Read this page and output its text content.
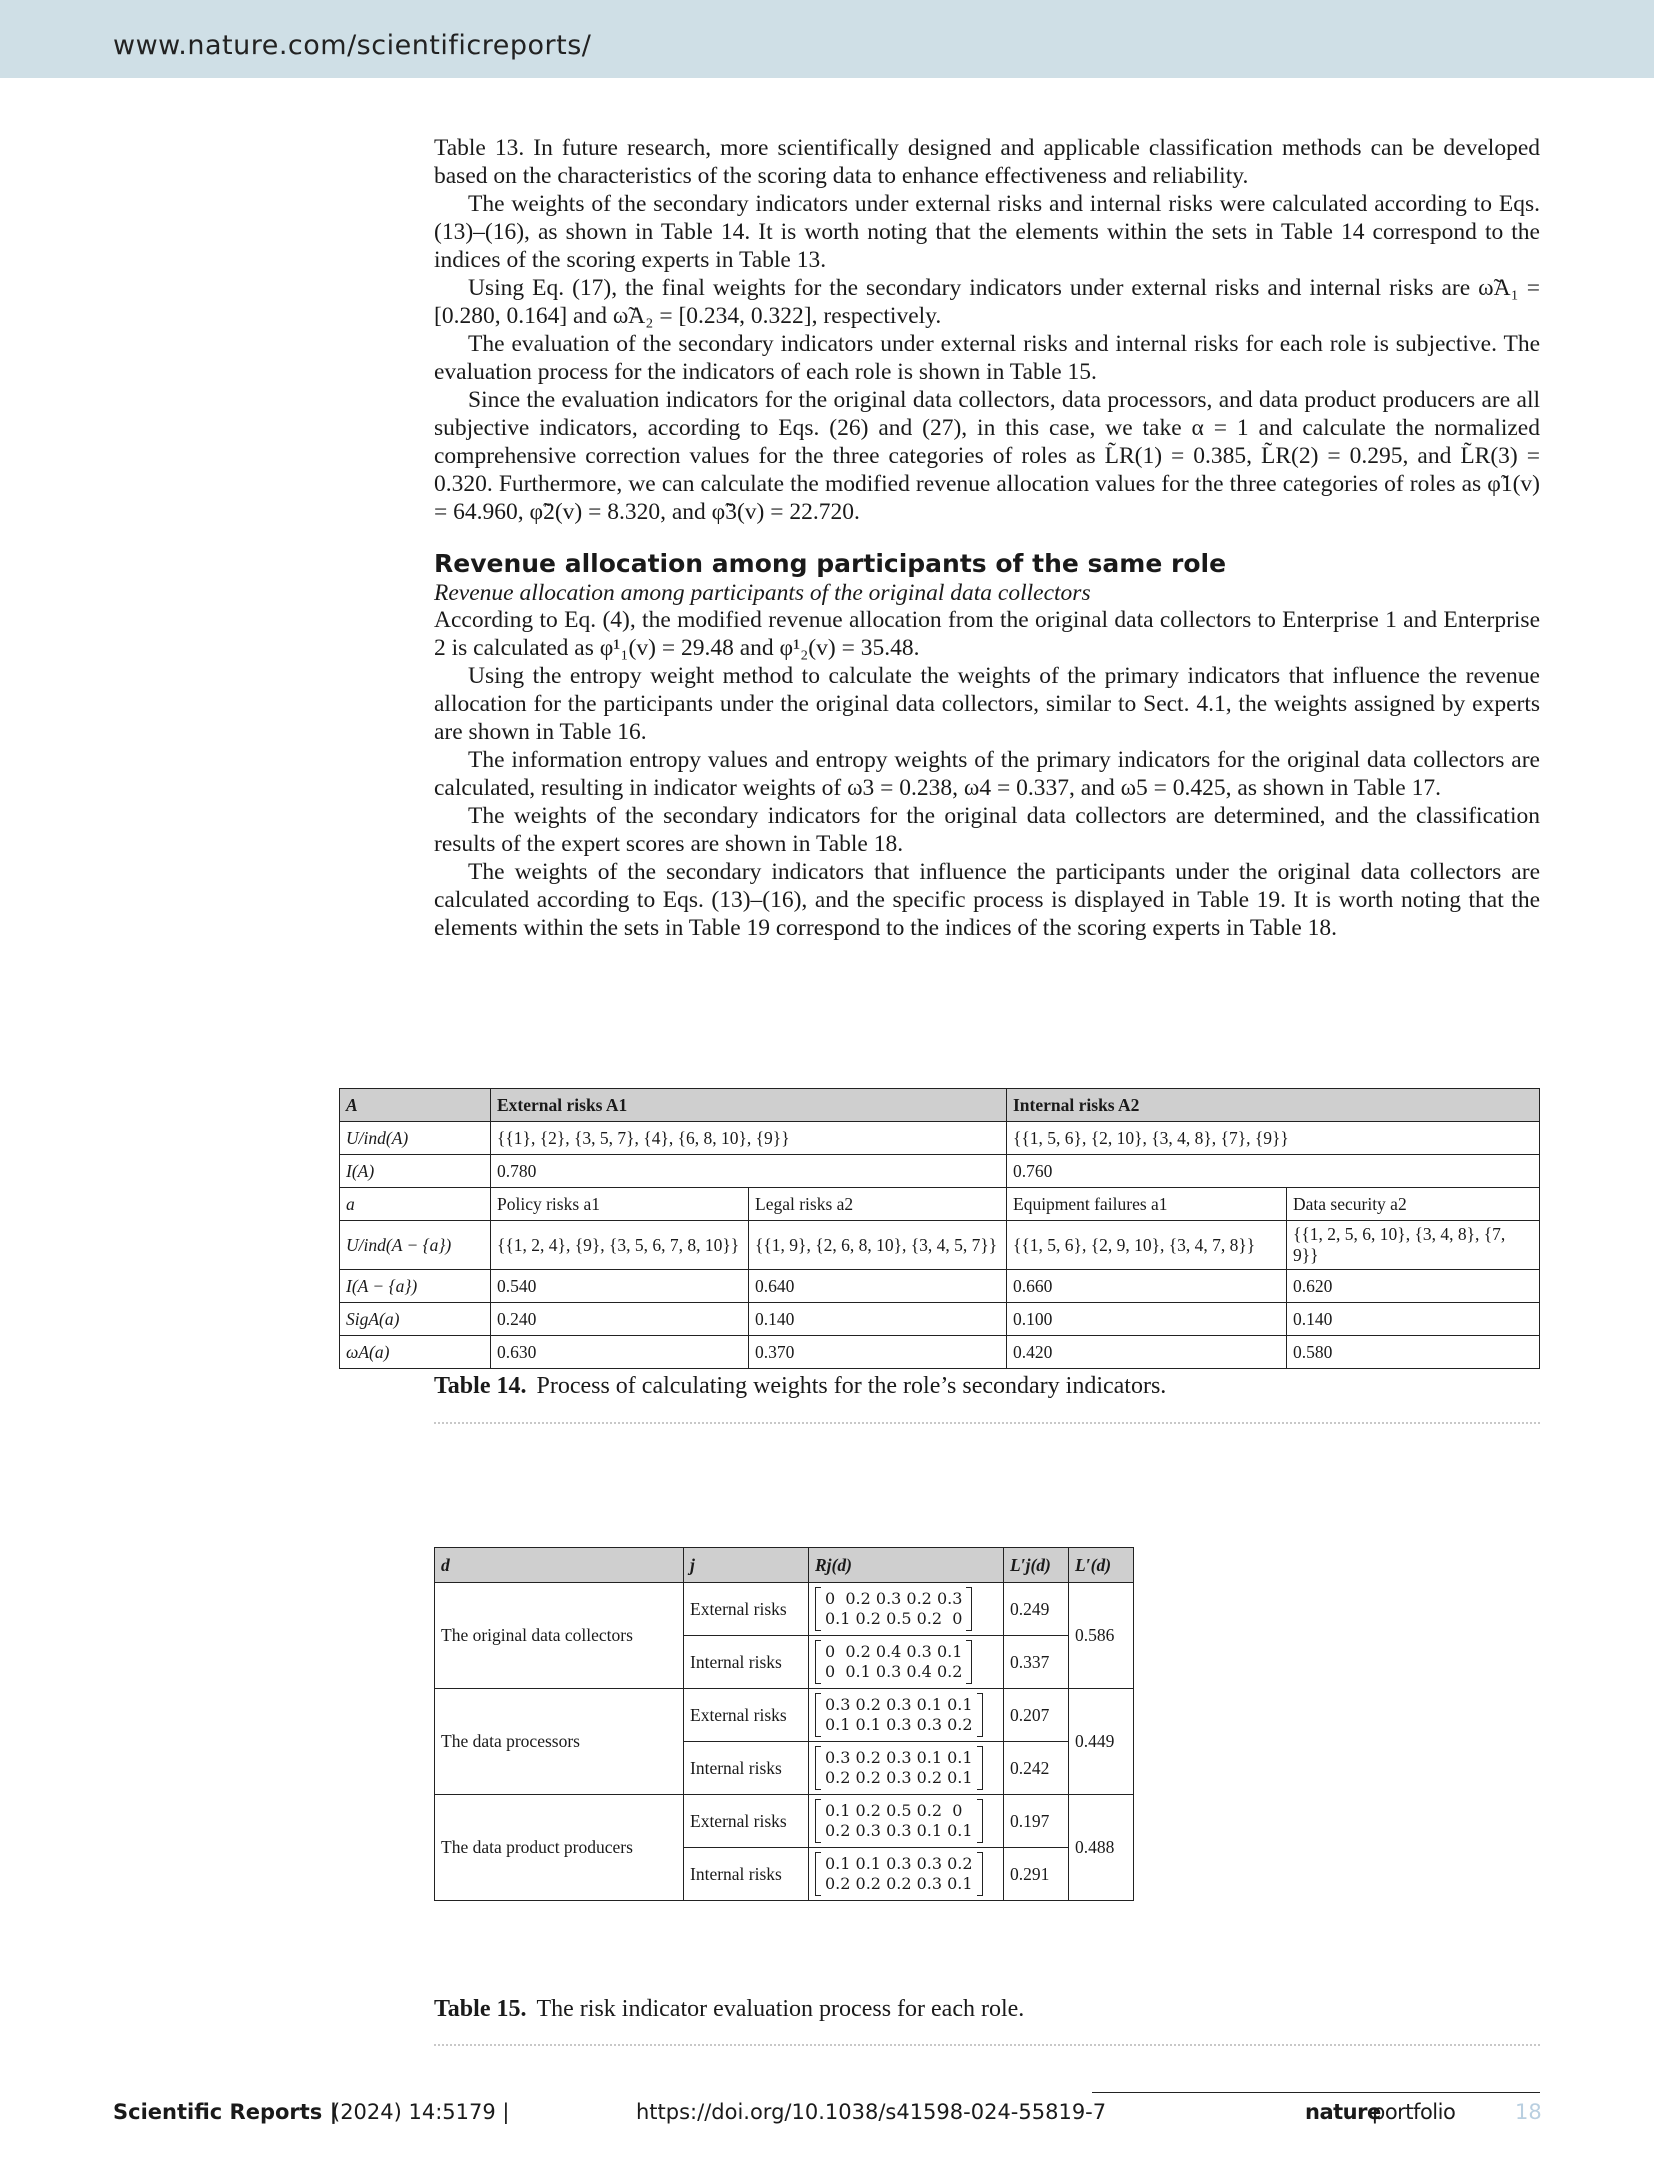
www.nature.com/scientificreports/

Table 13. In future research, more scientifically designed and applicable classification methods can be developed based on the characteristics of the scoring data to enhance effectiveness and reliability.

The weights of the secondary indicators under external risks and internal risks were calculated according to Eqs. (13)–(16), as shown in Table 14. It is worth noting that the elements within the sets in Table 14 correspond to the indices of the scoring experts in Table 13.

Using Eq. (17), the final weights for the secondary indicators under external risks and internal risks are ω̃A₁ = [0.280, 0.164] and ω̃A₂ = [0.234, 0.322], respectively.

The evaluation of the secondary indicators under external risks and internal risks for each role is subjective. The evaluation process for the indicators of each role is shown in Table 15.

Since the evaluation indicators for the original data collectors, data processors, and data product producers are all subjective indicators, according to Eqs. (26) and (27), in this case, we take α = 1 and calculate the normalized comprehensive correction values for the three categories of roles as L̃R(1) = 0.385, L̃R(2) = 0.295, and L̃R(3) = 0.320. Furthermore, we can calculate the modified revenue allocation values for the three categories of roles as φ̃1(v) = 64.960, φ̃2(v) = 8.320, and φ̃3(v) = 22.720.

Revenue allocation among participants of the same role
Revenue allocation among participants of the original data collectors

According to Eq. (4), the modified revenue allocation from the original data collectors to Enterprise 1 and Enterprise 2 is calculated as φ¹₁(v) = 29.48 and φ¹₂(v) = 35.48.

Using the entropy weight method to calculate the weights of the primary indicators that influence the revenue allocation for the participants under the original data collectors, similar to Sect. 4.1, the weights assigned by experts are shown in Table 16.

The information entropy values and entropy weights of the primary indicators for the original data collectors are calculated, resulting in indicator weights of ω3 = 0.238, ω4 = 0.337, and ω5 = 0.425, as shown in Table 17.

The weights of the secondary indicators for the original data collectors are determined, and the classification results of the expert scores are shown in Table 18.

The weights of the secondary indicators that influence the participants under the original data collectors are calculated according to Eqs. (13)–(16), and the specific process is displayed in Table 19. It is worth noting that the elements within the sets in Table 19 correspond to the indices of the scoring experts in Table 18.

A	External risks A1		Internal risks A2	
U/ind(A)	{{1}, {2}, {3, 5, 7}, {4}, {6, 8, 10}, {9}}		{{1, 5, 6}, {2, 10}, {3, 4, 8}, {7}, {9}}	
I(A)	0.780		0.760	
a	Policy risks a1	Legal risks a2	Equipment failures a1	Data security a2
U/ind(A − {a})	{{1, 2, 4}, {9}, {3, 5, 6, 7, 8, 10}}	{{1, 9}, {2, 6, 8, 10}, {3, 4, 5, 7}}	{{1, 5, 6}, {2, 9, 10}, {3, 4, 7, 8}}	{{1, 2, 5, 6, 10}, {3, 4, 8}, {7, 9}}
I(A − {a})	0.540	0.640	0.660	0.620
SigA(a)	0.240	0.140	0.100	0.140
ωA(a)	0.630	0.370	0.420	0.580
Table 14. Process of calculating weights for the role’s secondary indicators.
d	j	Rj(d)	L′j(d)	L′(d)
The original data collectors	External risks	0  0.2 0.3 0.2 0.3
0.1 0.2 0.5 0.2  0	0.249	0.586
	Internal risks	0  0.2 0.4 0.3 0.1
0  0.1 0.3 0.4 0.2	0.337	
The data processors	External risks	0.3 0.2 0.3 0.1 0.1
0.1 0.1 0.3 0.3 0.2	0.207	0.449
	Internal risks	0.3 0.2 0.3 0.1 0.1
0.2 0.2 0.3 0.2 0.1	0.242	
The data product producers	External risks	0.1 0.2 0.5 0.2  0
0.2 0.3 0.3 0.1 0.1	0.197	0.488
	Internal risks	0.1 0.1 0.3 0.3 0.2
0.2 0.2 0.2 0.3 0.1	0.291	
Table 15. The risk indicator evaluation process for each role.
Scientific Reports |
(2024) 14:5179 |	https://doi.org/10.1038/s41598-024-55819-7	nature
portfolio	18
